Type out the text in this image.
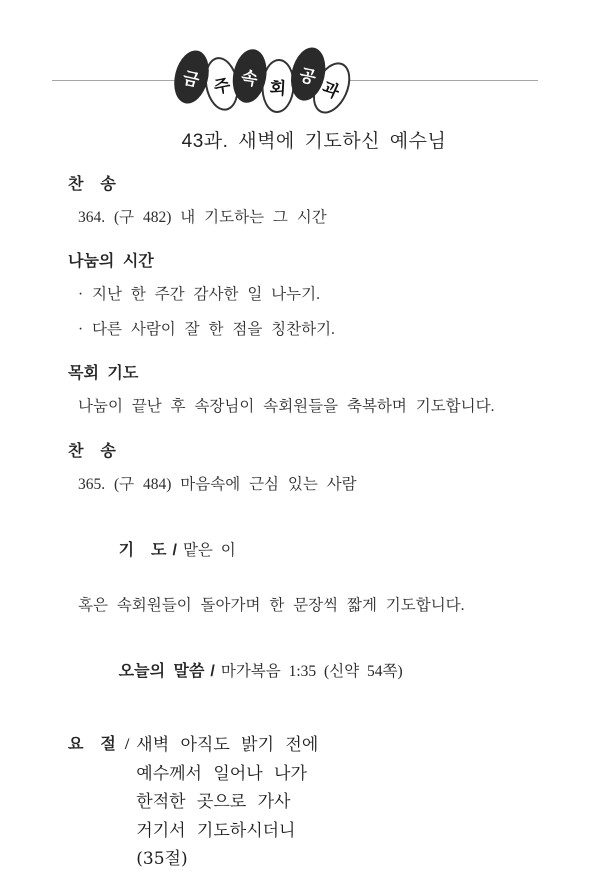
금 주 속 회
공
과
43과. 새벽에 기도하신 예수님
찬  송
364. (구 482) 내 기도하는 그 시간
나눔의 시간
· 지난 한 주간 감사한 일 나누기.
· 다른 사람이 잘 한 점을 칭찬하기.
목회 기도
나눔이 끝난 후 속장님이 속회원들을 축복하며 기도합니다.
찬  송
365. (구 484) 마음속에 근심 있는 사람

기  도 / 맡은 이

혹은 속회원들이 돌아가며 한 문장씩 짧게 기도합니다.

오늘의 말씀 / 마가복음 1:35 (신약 54쪽)

요  절 / 새벽 아직도 밝기 전에
예수께서 일어나 나가
한적한 곳으로 가사
거기서 기도하시더니
(35절)
